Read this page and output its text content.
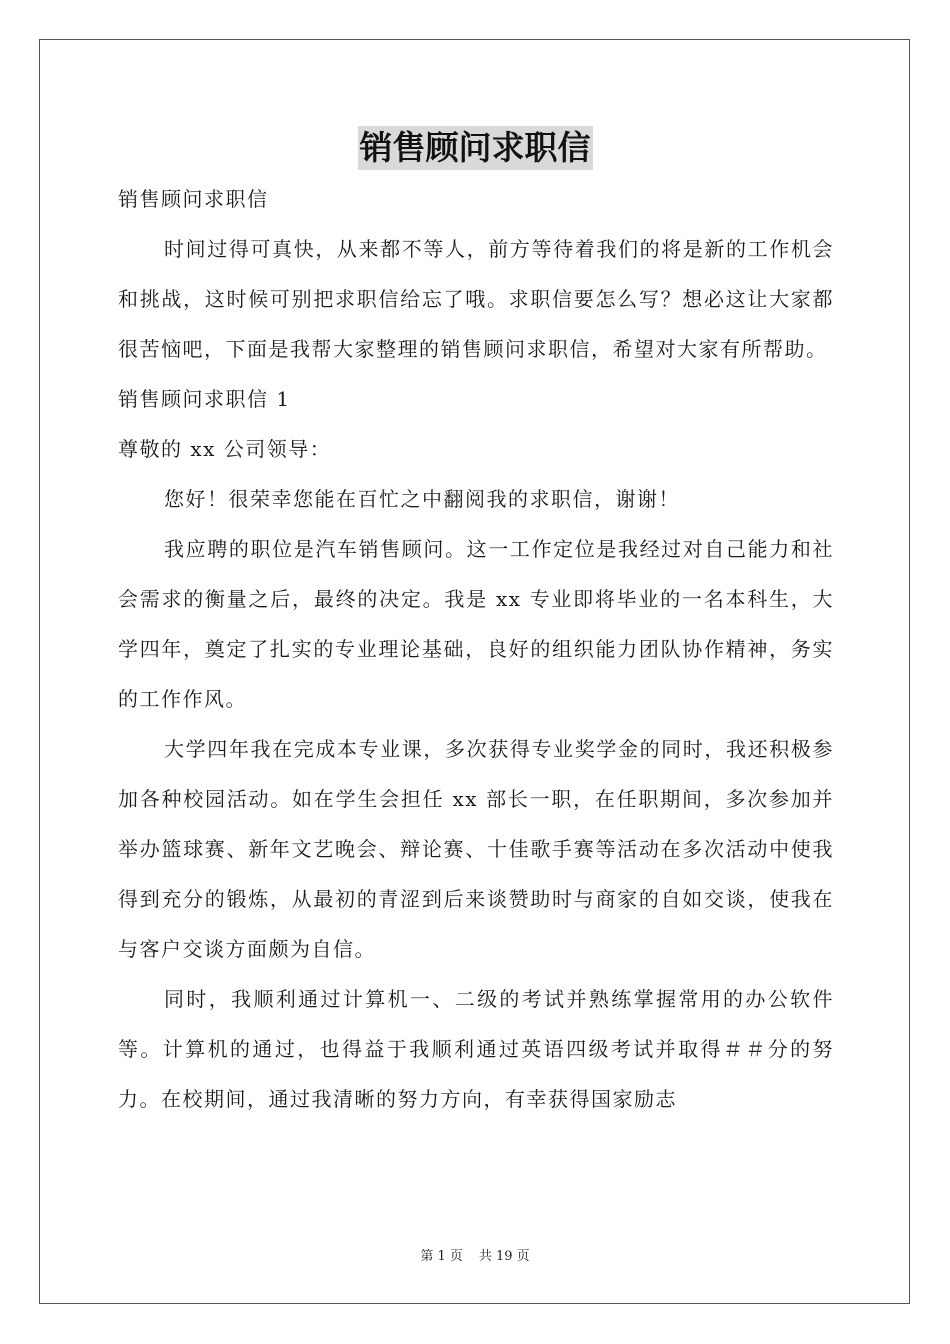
销售顾问求职信

销售顾问求职信

时间过得可真快，从来都不等人，前方等待着我们的将是新的工作机会和挑战，这时候可别把求职信给忘了哦。求职信要怎么写？想必这让大家都很苦恼吧，下面是我帮大家整理的销售顾问求职信，希望对大家有所帮助。

销售顾问求职信 1

尊敬的 xx 公司领导：

您好！很荣幸您能在百忙之中翻阅我的求职信，谢谢！

我应聘的职位是汽车销售顾问。这一工作定位是我经过对自己能力和社会需求的衡量之后，最终的决定。我是 xx 专业即将毕业的一名本科生，大学四年，奠定了扎实的专业理论基础，良好的组织能力团队协作精神，务实的工作作风。

大学四年我在完成本专业课，多次获得专业奖学金的同时，我还积极参加各种校园活动。如在学生会担任 xx 部长一职，在任职期间，多次参加并举办篮球赛、新年文艺晚会、辩论赛、十佳歌手赛等活动在多次活动中使我得到充分的锻炼，从最初的青涩到后来谈赞助时与商家的自如交谈，使我在与客户交谈方面颇为自信。

同时，我顺利通过计算机一、二级的考试并熟练掌握常用的办公软件等。计算机的通过，也得益于我顺利通过英语四级考试并取得＃＃分的努力。在校期间，通过我清晰的努力方向，有幸获得国家励志

第 1 页 共 19 页
